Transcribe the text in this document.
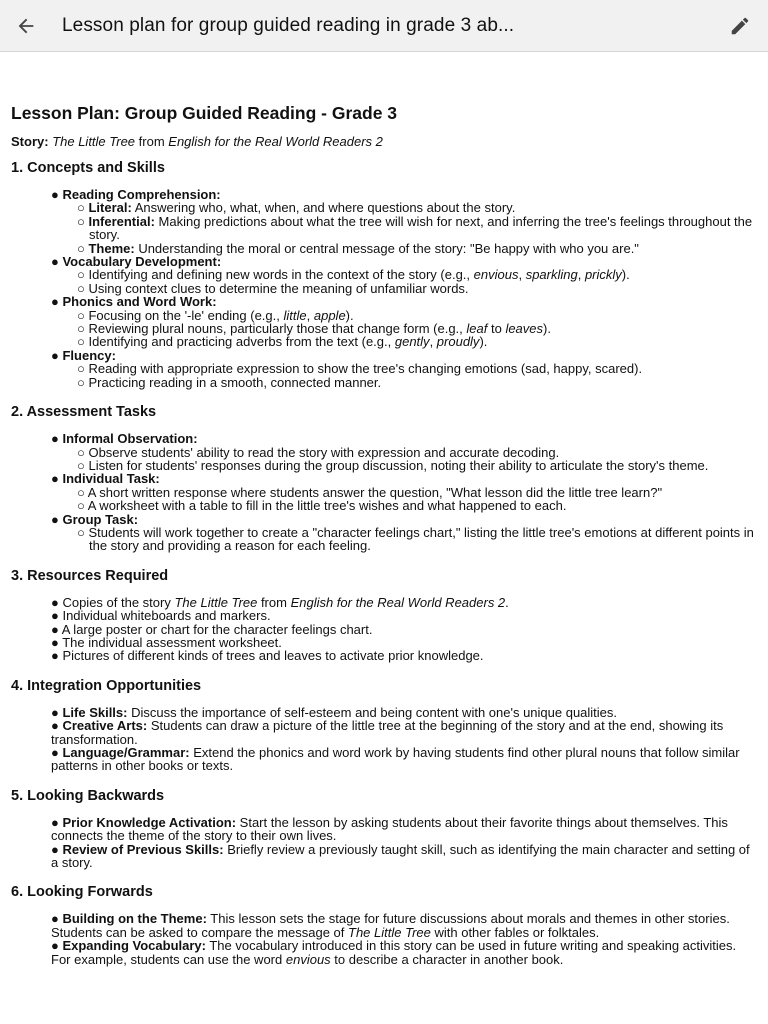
Lesson plan for group guided reading in grade 3 ab...
Lesson Plan: Group Guided Reading - Grade 3
Story: The Little Tree from English for the Real World Readers 2
1. Concepts and Skills
● Reading Comprehension:
○ Literal: Answering who, what, when, and where questions about the story.
○ Inferential: Making predictions about what the tree will wish for next, and inferring the tree's feelings throughout the story.
○ Theme: Understanding the moral or central message of the story: "Be happy with who you are."
● Vocabulary Development:
○ Identifying and defining new words in the context of the story (e.g., envious, sparkling, prickly).
○ Using context clues to determine the meaning of unfamiliar words.
● Phonics and Word Work:
○ Focusing on the '-le' ending (e.g., little, apple).
○ Reviewing plural nouns, particularly those that change form (e.g., leaf to leaves).
○ Identifying and practicing adverbs from the text (e.g., gently, proudly).
● Fluency:
○ Reading with appropriate expression to show the tree's changing emotions (sad, happy, scared).
○ Practicing reading in a smooth, connected manner.
2. Assessment Tasks
● Informal Observation:
○ Observe students' ability to read the story with expression and accurate decoding.
○ Listen for students' responses during the group discussion, noting their ability to articulate the story's theme.
● Individual Task:
○ A short written response where students answer the question, "What lesson did the little tree learn?"
○ A worksheet with a table to fill in the little tree's wishes and what happened to each.
● Group Task:
○ Students will work together to create a "character feelings chart," listing the little tree's emotions at different points in the story and providing a reason for each feeling.
3. Resources Required
● Copies of the story The Little Tree from English for the Real World Readers 2.
● Individual whiteboards and markers.
● A large poster or chart for the character feelings chart.
● The individual assessment worksheet.
● Pictures of different kinds of trees and leaves to activate prior knowledge.
4. Integration Opportunities
● Life Skills: Discuss the importance of self-esteem and being content with one's unique qualities.
● Creative Arts: Students can draw a picture of the little tree at the beginning of the story and at the end, showing its transformation.
● Language/Grammar: Extend the phonics and word work by having students find other plural nouns that follow similar patterns in other books or texts.
5. Looking Backwards
● Prior Knowledge Activation: Start the lesson by asking students about their favorite things about themselves. This connects the theme of the story to their own lives.
● Review of Previous Skills: Briefly review a previously taught skill, such as identifying the main character and setting of a story.
6. Looking Forwards
● Building on the Theme: This lesson sets the stage for future discussions about morals and themes in other stories. Students can be asked to compare the message of The Little Tree with other fables or folktales.
● Expanding Vocabulary: The vocabulary introduced in this story can be used in future writing and speaking activities. For example, students can use the word envious to describe a character in another book.
